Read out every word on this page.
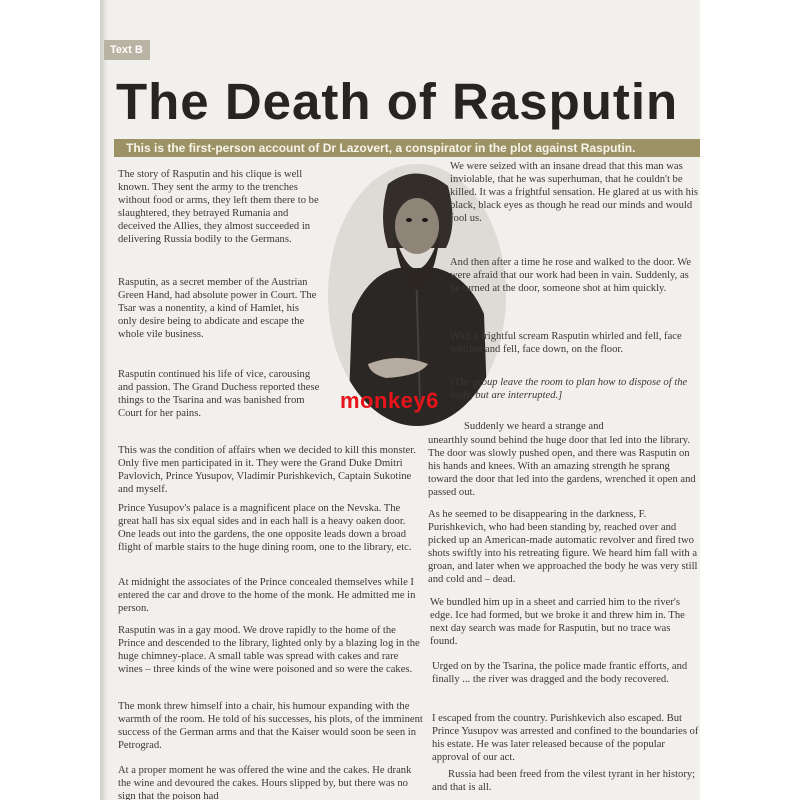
Text B
The Death of Rasputin
This is the first-person account of Dr Lazovert, a conspirator in the plot against Rasputin.

The story of Rasputin and his clique is well known. They sent the army to the trenches without food or arms, they left them there to be slaughtered, they betrayed Rumania and deceived the Allies, they almost succeeded in delivering Russia bodily to the Germans.

Rasputin, as a secret member of the Austrian Green Hand, had absolute power in Court. The Tsar was a nonentity, a kind of Hamlet, his only desire being to abdicate and escape the whole vile business.

Rasputin continued his life of vice, carousing and passion. The Grand Duchess reported these things to the Tsarina and was banished from Court for her pains.

We were seized with an insane dread that this man was inviolable, that he was superhuman, that he couldn't be killed. It was a frightful sensation. He glared at us with his black, black eyes as though he read our minds and would fool us.

And then after a time he rose and walked to the door. We were afraid that our work had been in vain. Suddenly, as he turned at the door, someone shot at him quickly.

With a frightful scream Rasputin whirled and fell, face whirled and fell, face down, on the floor.

[The group leave the room to plan how to dispose of the body, but are interrupted.]

Suddenly we heard a strange and

This was the condition of affairs when we decided to kill this monster. Only five men participated in it. They were the Grand Duke Dmitri Pavlovich, Prince Yusupov, Vladimir Purishkevich, Captain Sukotine and myself.

Prince Yusupov's palace is a magnificent place on the Nevska. The great hall has six equal sides and in each hall is a heavy oaken door. One leads out into the gardens, the one opposite leads down a broad flight of marble stairs to the huge dining room, one to the library, etc.

At midnight the associates of the Prince concealed themselves while I entered the car and drove to the home of the monk. He admitted me in person.

Rasputin was in a gay mood. We drove rapidly to the home of the Prince and descended to the library, lighted only by a blazing log in the huge chimney-place. A small table was spread with cakes and rare wines – three kinds of the wine were poisoned and so were the cakes.

The monk threw himself into a chair, his humour expanding with the warmth of the room. He told of his successes, his plots, of the imminent success of the German arms and that the Kaiser would soon be seen in Petrograd.

At a proper moment he was offered the wine and the cakes. He drank the wine and devoured the cakes. Hours slipped by, but there was no sign that the poison had

unearthly sound behind the huge door that led into the library. The door was slowly pushed open, and there was Rasputin on his hands and knees. With an amazing strength he sprang toward the door that led into the gardens, wrenched it open and passed out.

As he seemed to be disappearing in the darkness, F. Purishkevich, who had been standing by, reached over and picked up an American-made automatic revolver and fired two shots swiftly into his retreating figure. We heard him fall with a groan, and later when we approached the body he was very still and cold and – dead.

We bundled him up in a sheet and carried him to the river's edge. Ice had formed, but we broke it and threw him in. The next day search was made for Rasputin, but no trace was found.

Urged on by the Tsarina, the police made frantic efforts, and finally ... the river was dragged and the body recovered.

I escaped from the country. Purishkevich also escaped. But Prince Yusupov was arrested and confined to the boundaries of his estate. He was later released because of the popular approval of our act.

Russia had been freed from the vilest tyrant in her history; and that is all.

monkey6
